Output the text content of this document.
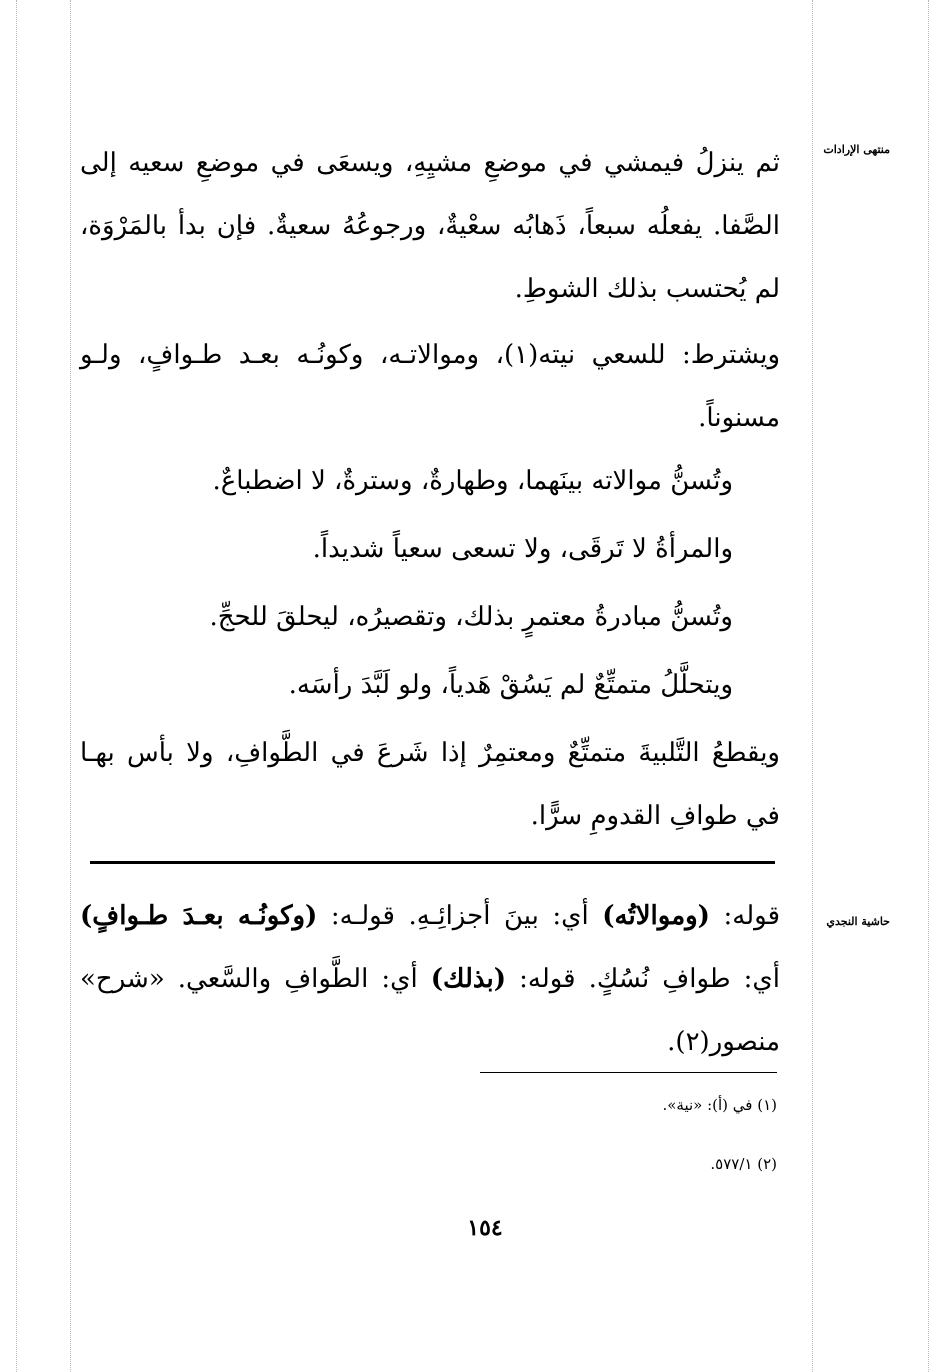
منتهى الإرادات
حاشية النجدي

ثم ينزلُ فيمشي في موضعِ مشيِهِ، ويسعَى في موضعِ سعيه إلى الصَّفا. يفعلُه سبعاً، ذَهابُه سعْيةٌ، ورجوعُهُ سعيةٌ. فإن بدأ بالمَرْوَة، لم يُحتسب بذلك الشوطِ.

ويشترط: للسعي نيته(١)، وموالاتـه، وكونُـه بعـد طـوافٍ، ولـو مسنوناً.

وتُسنُّ موالاته بينَهما، وطهارةٌ، وسترةٌ، لا اضطباعٌ.

والمرأةُ لا تَرقَى، ولا تسعى سعياً شديداً.

وتُسنُّ مبادرةُ معتمرٍ بذلك، وتقصيرُه، ليحلقَ للحجِّ.

ويتحلَّلُ متمتِّعٌ لم يَسُقْ هَدياً، ولو لَبَّدَ رأسَه.

ويقطعُ التَّلبيةَ متمتِّعٌ ومعتمِرٌ إذا شَرعَ في الطَّوافِ، ولا بأس بهـا في طوافِ القدومِ سرًّا.

قوله: (وموالاتُه) أي: بينَ أجزائِـهِ. قولـه: (وكونُـه بعـدَ طـوافٍ) أي: طوافِ نُسُكٍ. قوله: (بذلك) أي: الطَّوافِ والسَّعي. «شرح» منصور(٢).

(١) في (أ): «نية».
(٢) ٥٧٧/١.
١٥٤
